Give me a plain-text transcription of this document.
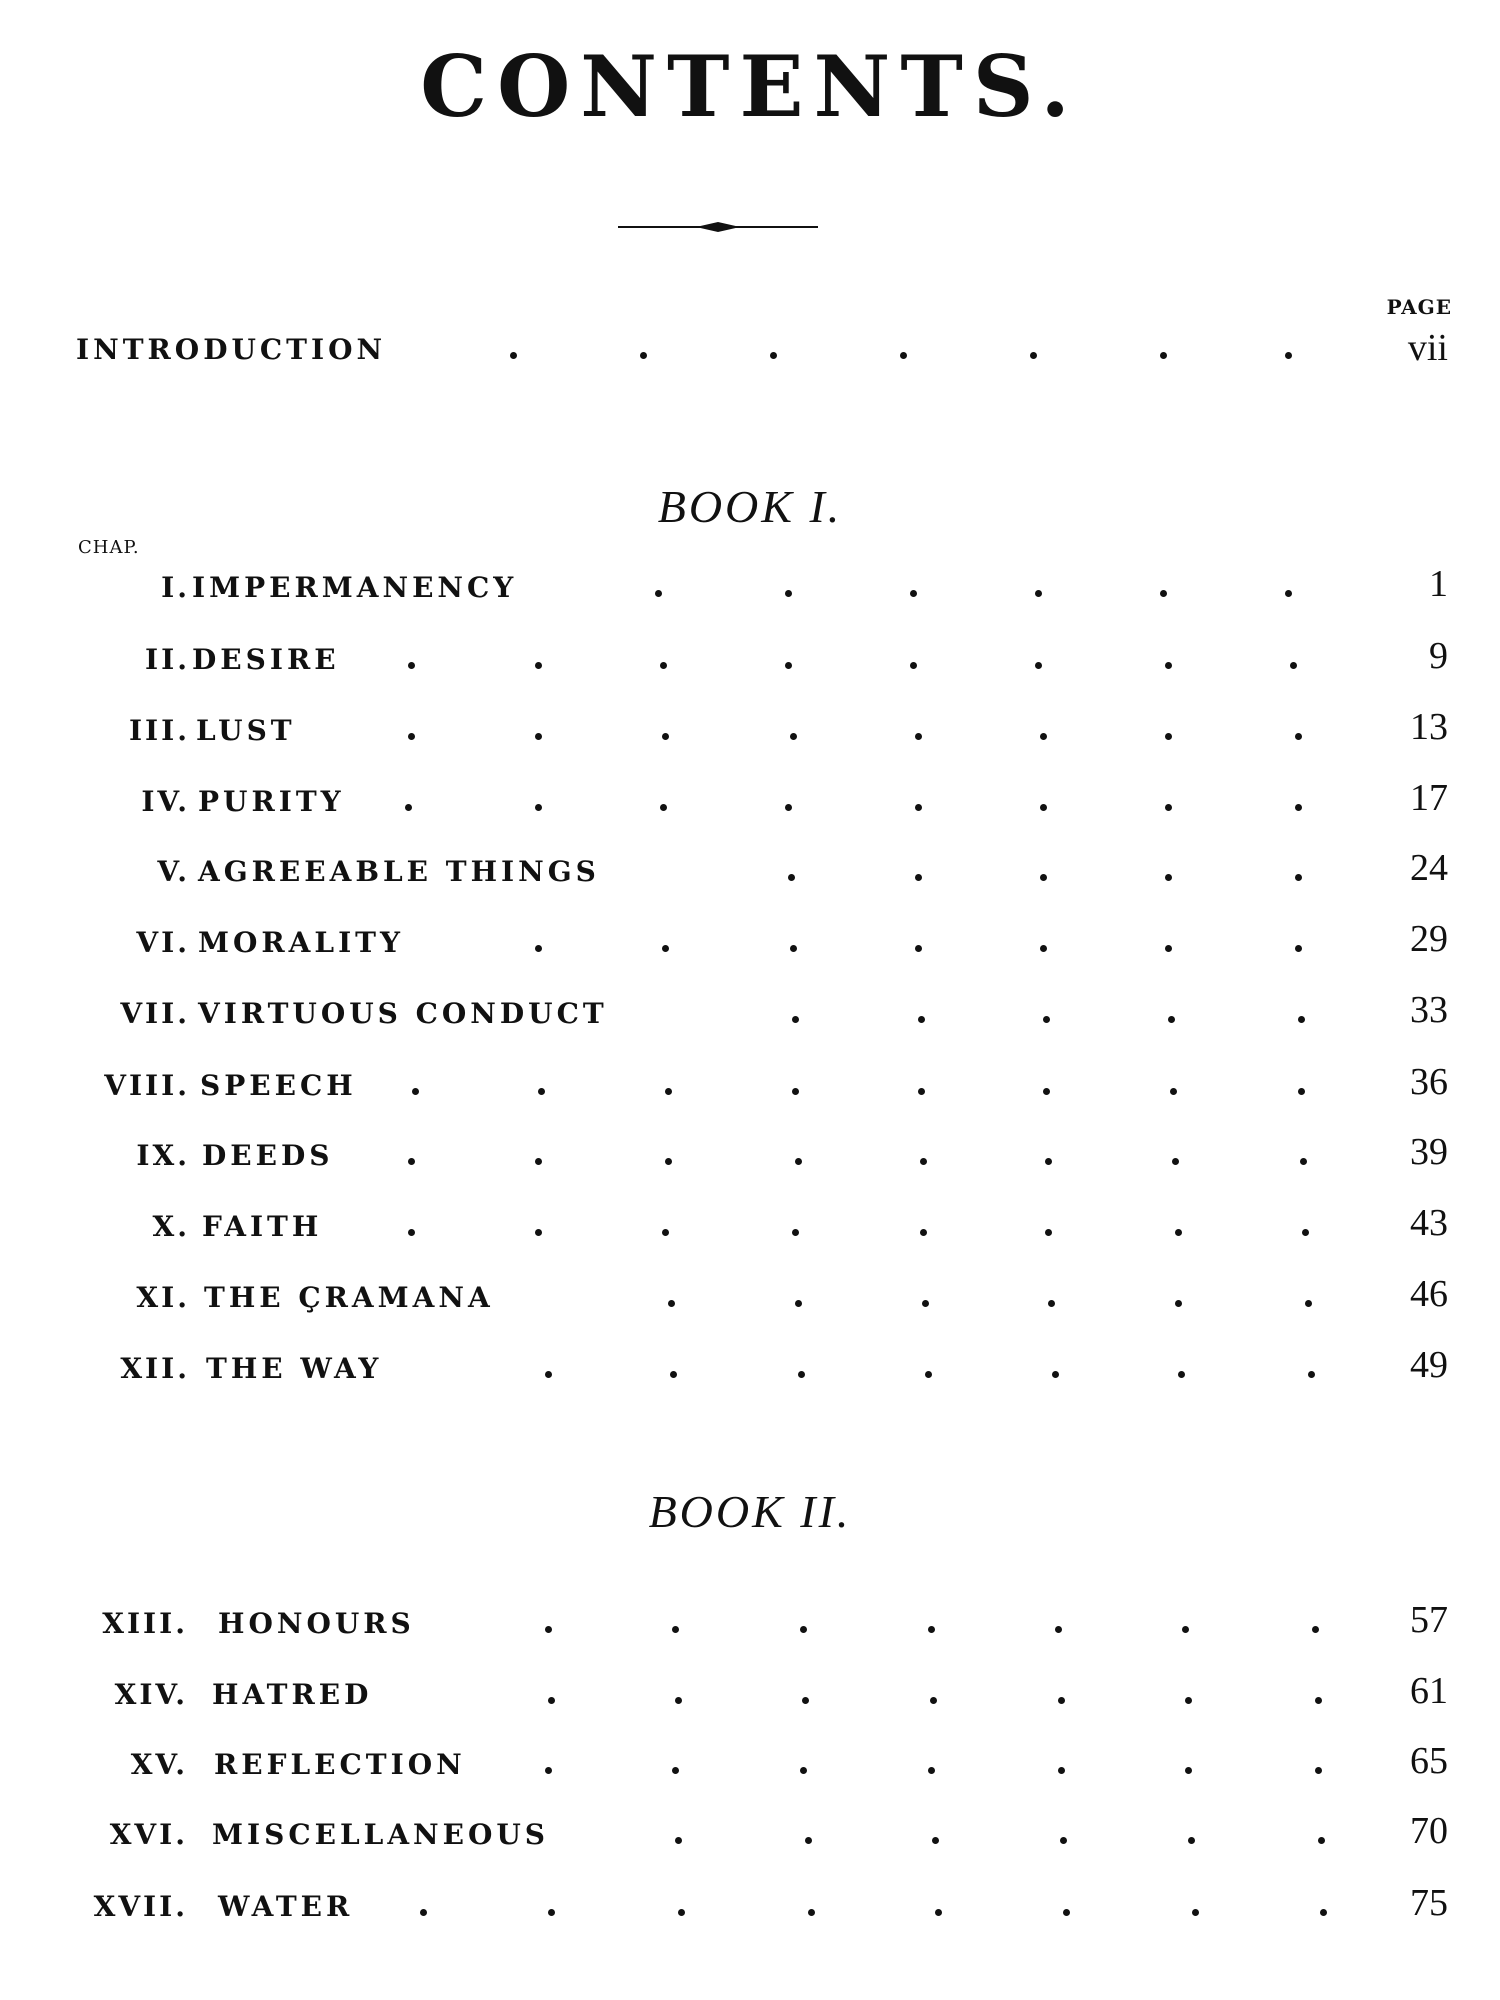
CONTENTS.
PAGE
INTRODUCTION	vii
BOOK I.
CHAP.
I. IMPERMANENCY	1
II. DESIRE	9
III. LUST	13
IV. PURITY	17
V. AGREEABLE THINGS	24
VI. MORALITY	29
VII. VIRTUOUS CONDUCT	33
VIII. SPEECH	36
IX. DEEDS	39
X. FAITH	43
XI. THE ÇRAMANA	46
XII. THE WAY	49
BOOK II.
XIII. HONOURS	57
XIV. HATRED	61
XV. REFLECTION	65
XVI. MISCELLANEOUS	70
XVII. WATER	75
